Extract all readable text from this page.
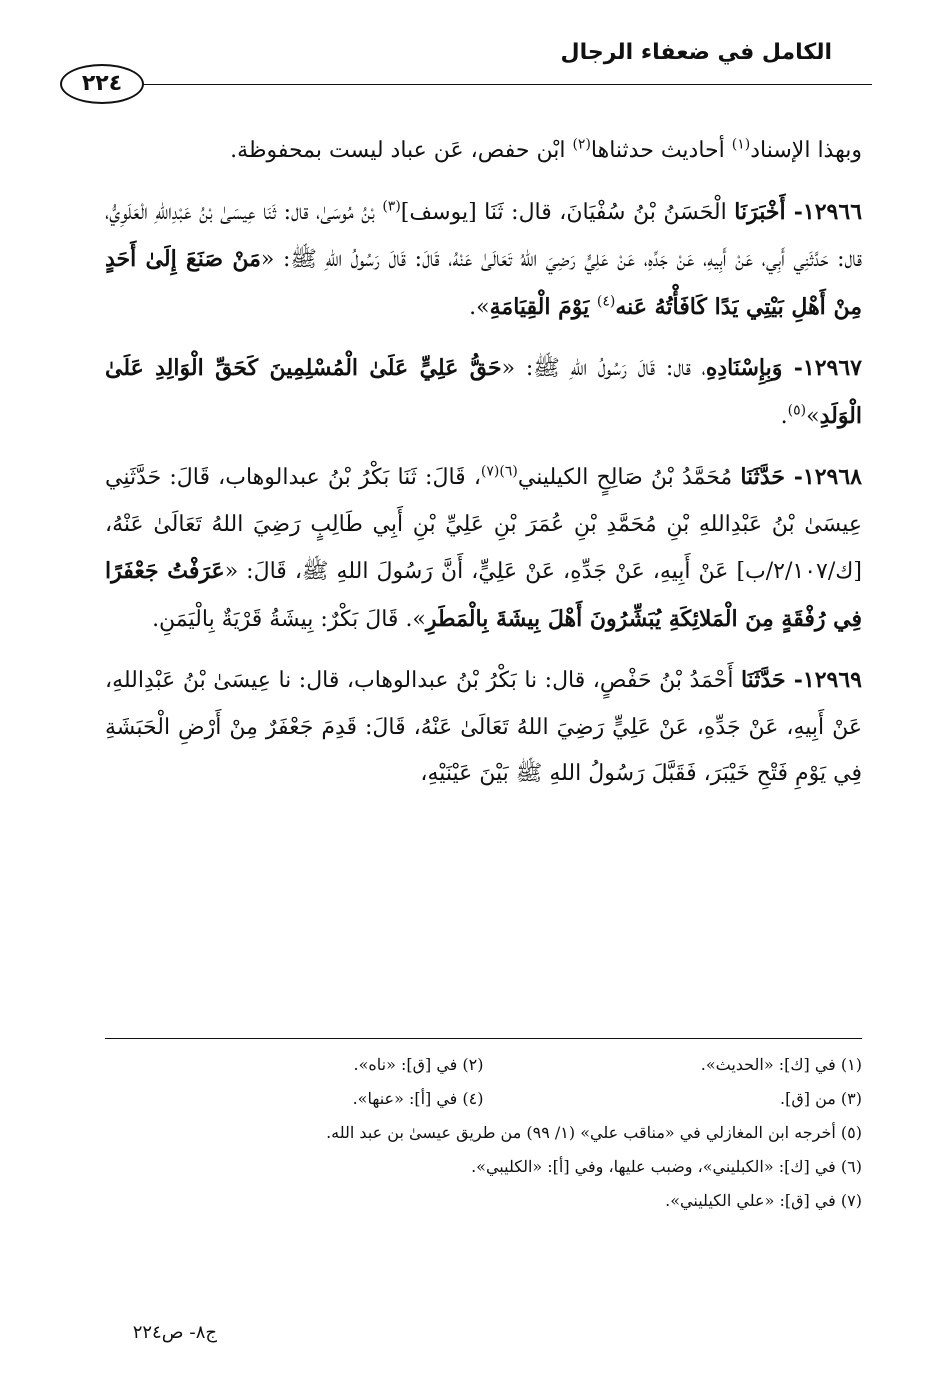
الكامل في ضعفاء الرجال
٢٢٤

وبهذا الإسناد$^{(١)}$ أحاديث حدثناها$^{(٢)}$ ابْن حفص، عَن عباد ليست بمحفوظة.

١٢٩٦٦- أَخْبَرَنَا الْحَسَنُ بْنُ سُفْيَانَ، قال: ثَنَا [يوسف]$^{(٣)}$ بْنُ مُوسَىٰ، قال: ثَنَا عِيسَىٰ بْنُ عَبْدِاللهِ الْعَلَوِيُّ، قال: حَدَّثَنِي أَبِي، عَنْ أَبِيهِ، عَنْ جَدِّهِ، عَنْ عَلِيٍّ رَضِيَ اللهُ تَعَالَىٰ عَنْهُ، قَالَ: قَالَ رَسُولُ اللهِ ﷺ: «مَنْ صَنَعَ إِلَىٰ أَحَدٍ مِنْ أَهْلِ بَيْتِي يَدًا كَافَأْتُهُ عَنه$^{(٤)}$ يَوْمَ الْقِيَامَةِ».

١٢٩٦٧- وَبِإِسْنَادِهِ، قال: قَالَ رَسُولُ اللهِ ﷺ: «حَقُّ عَلِيٍّ عَلَىٰ الْمُسْلِمِينَ كَحَقِّ الْوَالِدِ عَلَىٰ الْوَلَدِ»$^{(٥)}$.

١٢٩٦٨- حَدَّثَنَا مُحَمَّدُ بْنُ صَالِحٍ الكيليني$^{(٦)(٧)}$، قَالَ: ثَنَا بَكْرُ بْنُ عبدالوهاب، قَالَ: حَدَّثَنِي عِيسَىٰ بْنُ عَبْدِاللهِ بْنِ مُحَمَّدِ بْنِ عُمَرَ بْنِ عَلِيِّ بْنِ أَبِي طَالِبٍ رَضِيَ اللهُ تَعَالَىٰ عَنْهُ، [ك/٢/١٠٧/ب] عَنْ أَبِيهِ، عَنْ جَدِّهِ، عَنْ عَلِيٍّ، أَنَّ رَسُولَ اللهِ ﷺ، قَالَ: «عَرَفْتُ جَعْفَرًا فِي رُفْقَةٍ مِنَ الْمَلائِكَةِ يُبَشِّرُونَ أَهْلَ بِيشَةَ بِالْمَطَرِ». قَالَ بَكْرٌ: بِيشَةُ قَرْيَةٌ بِالْيَمَنِ.

١٢٩٦٩- حَدَّثَنَا أَحْمَدُ بْنُ حَفْصٍ، قال: نا بَكْرُ بْنُ عبدالوهاب، قال: نا عِيسَىٰ بْنُ عَبْدِاللهِ، عَنْ أَبِيهِ، عَنْ جَدِّهِ، عَنْ عَلِيٍّ رَضِيَ اللهُ تَعَالَىٰ عَنْهُ، قَالَ: قَدِمَ جَعْفَرٌ مِنْ أَرْضِ الْحَبَشَةِ فِي يَوْمِ فَتْحِ خَيْبَرَ، فَقَبَّلَ رَسُولُ اللهِ ﷺ بَيْنَ عَيْنَيْهِ،

(١) في [ك]: «الحديث».
(٢) في [ق]: «ناه».
(٣) من [ق].
(٤) في [أ]: «عنها».
(٥) أخرجه ابن المغازلي في «مناقب علي» (١/ ٩٩) من طريق عيسىٰ بن عبد الله.
(٦) في [ك]: «الكبليني»، وضبب عليها، وفي [أ]: «الكليبي».
(٧) في [ق]: «علي الكيليني».
ج٨- ص٢٢٤
